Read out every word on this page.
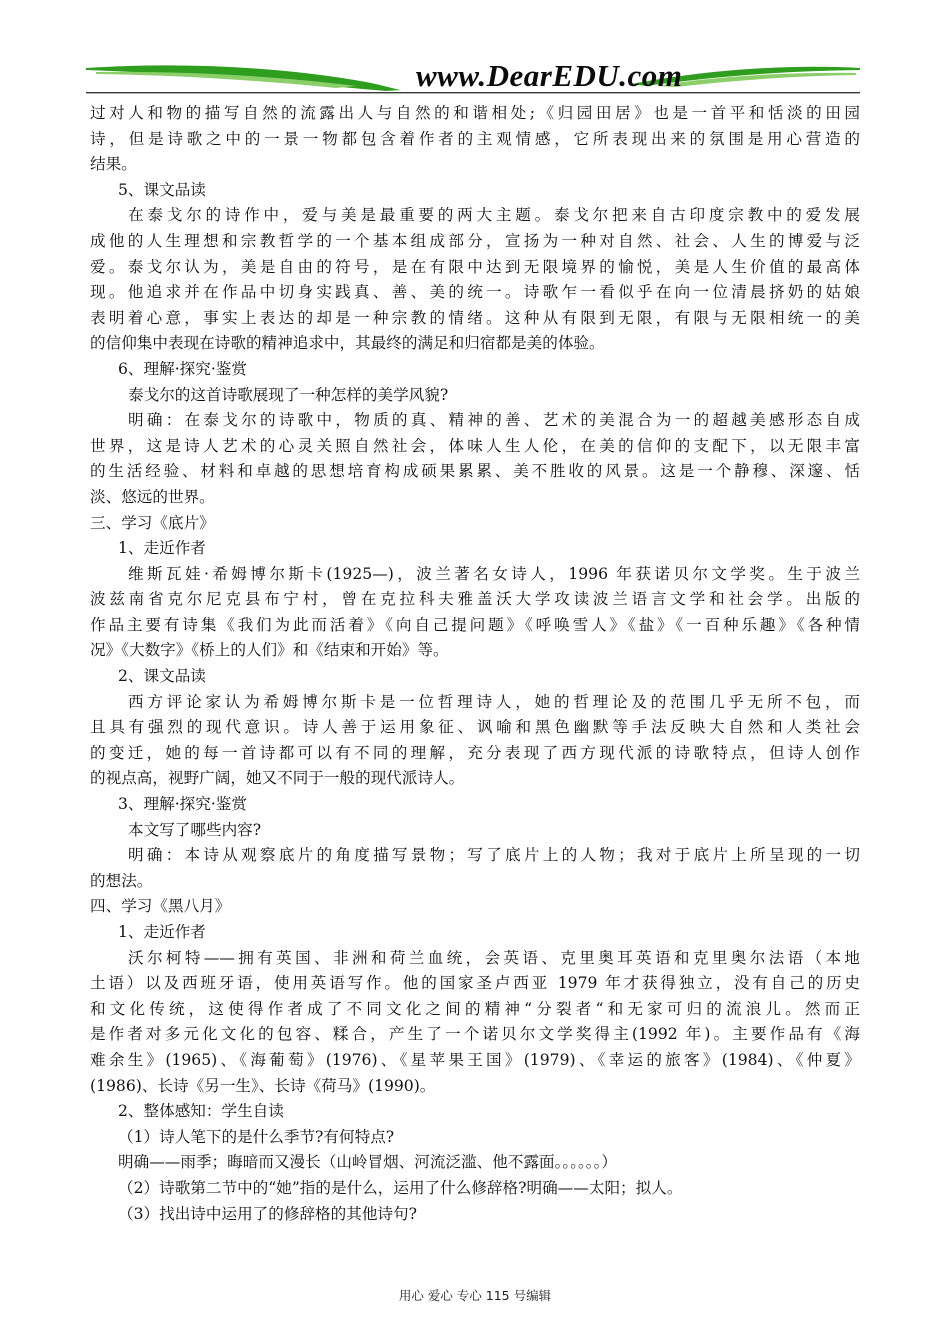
www.DearEDU.com
过对人和物的描写自然的流露出人与自然的和谐相处;《归园田居》也是一首平和恬淡的田园
诗，但是诗歌之中的一景一物都包含着作者的主观情感，它所表现出来的氛围是用心营造的
结果。
5、课文品读
在泰戈尔的诗作中，爱与美是最重要的两大主题。泰戈尔把来自古印度宗教中的爱发展
成他的人生理想和宗教哲学的一个基本组成部分，宣扬为一种对自然、社会、人生的博爱与泛
爱。泰戈尔认为，美是自由的符号，是在有限中达到无限境界的愉悦，美是人生价值的最高体
现。他追求并在作品中切身实践真、善、美的统一。诗歌乍一看似乎在向一位清晨挤奶的姑娘
表明着心意，事实上表达的却是一种宗教的情绪。这种从有限到无限，有限与无限相统一的美
的信仰集中表现在诗歌的精神追求中，其最终的满足和归宿都是美的体验。
6、理解·探究·鉴赏
泰戈尔的这首诗歌展现了一种怎样的美学风貌?
明确：在泰戈尔的诗歌中，物质的真、精神的善、艺术的美混合为一的超越美感形态自成
世界，这是诗人艺术的心灵关照自然社会，体味人生人伦，在美的信仰的支配下，以无限丰富
的生活经验、材料和卓越的思想培育构成硕果累累、美不胜收的风景。这是一个静穆、深邃、恬
淡、悠远的世界。
三、学习《底片》
1、走近作者
维斯瓦娃·希姆博尔斯卡(1925—)，波兰著名女诗人，1996 年获诺贝尔文学奖。生于波兰
波兹南省克尔尼克县布宁村，曾在克拉科夫雅盖沃大学攻读波兰语言文学和社会学。出版的
作品主要有诗集《我们为此而活着》《向自己提问题》《呼唤雪人》《盐》《一百种乐趣》《各种情
况》《大数字》《桥上的人们》和《结束和开始》等。
2、课文品读
西方评论家认为希姆博尔斯卡是一位哲理诗人，她的哲理论及的范围几乎无所不包，而
且具有强烈的现代意识。诗人善于运用象征、讽喻和黑色幽默等手法反映大自然和人类社会
的变迁，她的每一首诗都可以有不同的理解，充分表现了西方现代派的诗歌特点，但诗人创作
的视点高，视野广阔，她又不同于一般的现代派诗人。
3、理解·探究·鉴赏
本文写了哪些内容?
明确：本诗从观察底片的角度描写景物；写了底片上的人物；我对于底片上所呈现的一切
的想法。
四、学习《黑八月》
1、走近作者
沃尔柯特——拥有英国、非洲和荷兰血统，会英语、克里奥耳英语和克里奥尔法语（本地
土语）以及西班牙语，使用英语写作。他的国家圣卢西亚 1979 年才获得独立，没有自己的历史
和文化传统，这使得作者成了不同文化之间的精神“分裂者“和无家可归的流浪儿。然而正
是作者对多元化文化的包容、糅合，产生了一个诺贝尔文学奖得主(1992 年)。主要作品有《海
难余生》(1965)、《海葡萄》(1976)、《星苹果王国》(1979)、《幸运的旅客》(1984)、《仲夏》
(1986)、长诗《另一生》、长诗《荷马》(1990)。
2、整体感知：学生自读
（1）诗人笔下的是什么季节?有何特点?
明确——雨季；晦暗而又漫长（山岭冒烟、河流泛滥、他不露面。。。。。。）
（2）诗歌第二节中的“她”指的是什么，运用了什么修辞格?明确——太阳；拟人。
（3）找出诗中运用了的修辞格的其他诗句?
用心 爱心 专心 115 号编辑
